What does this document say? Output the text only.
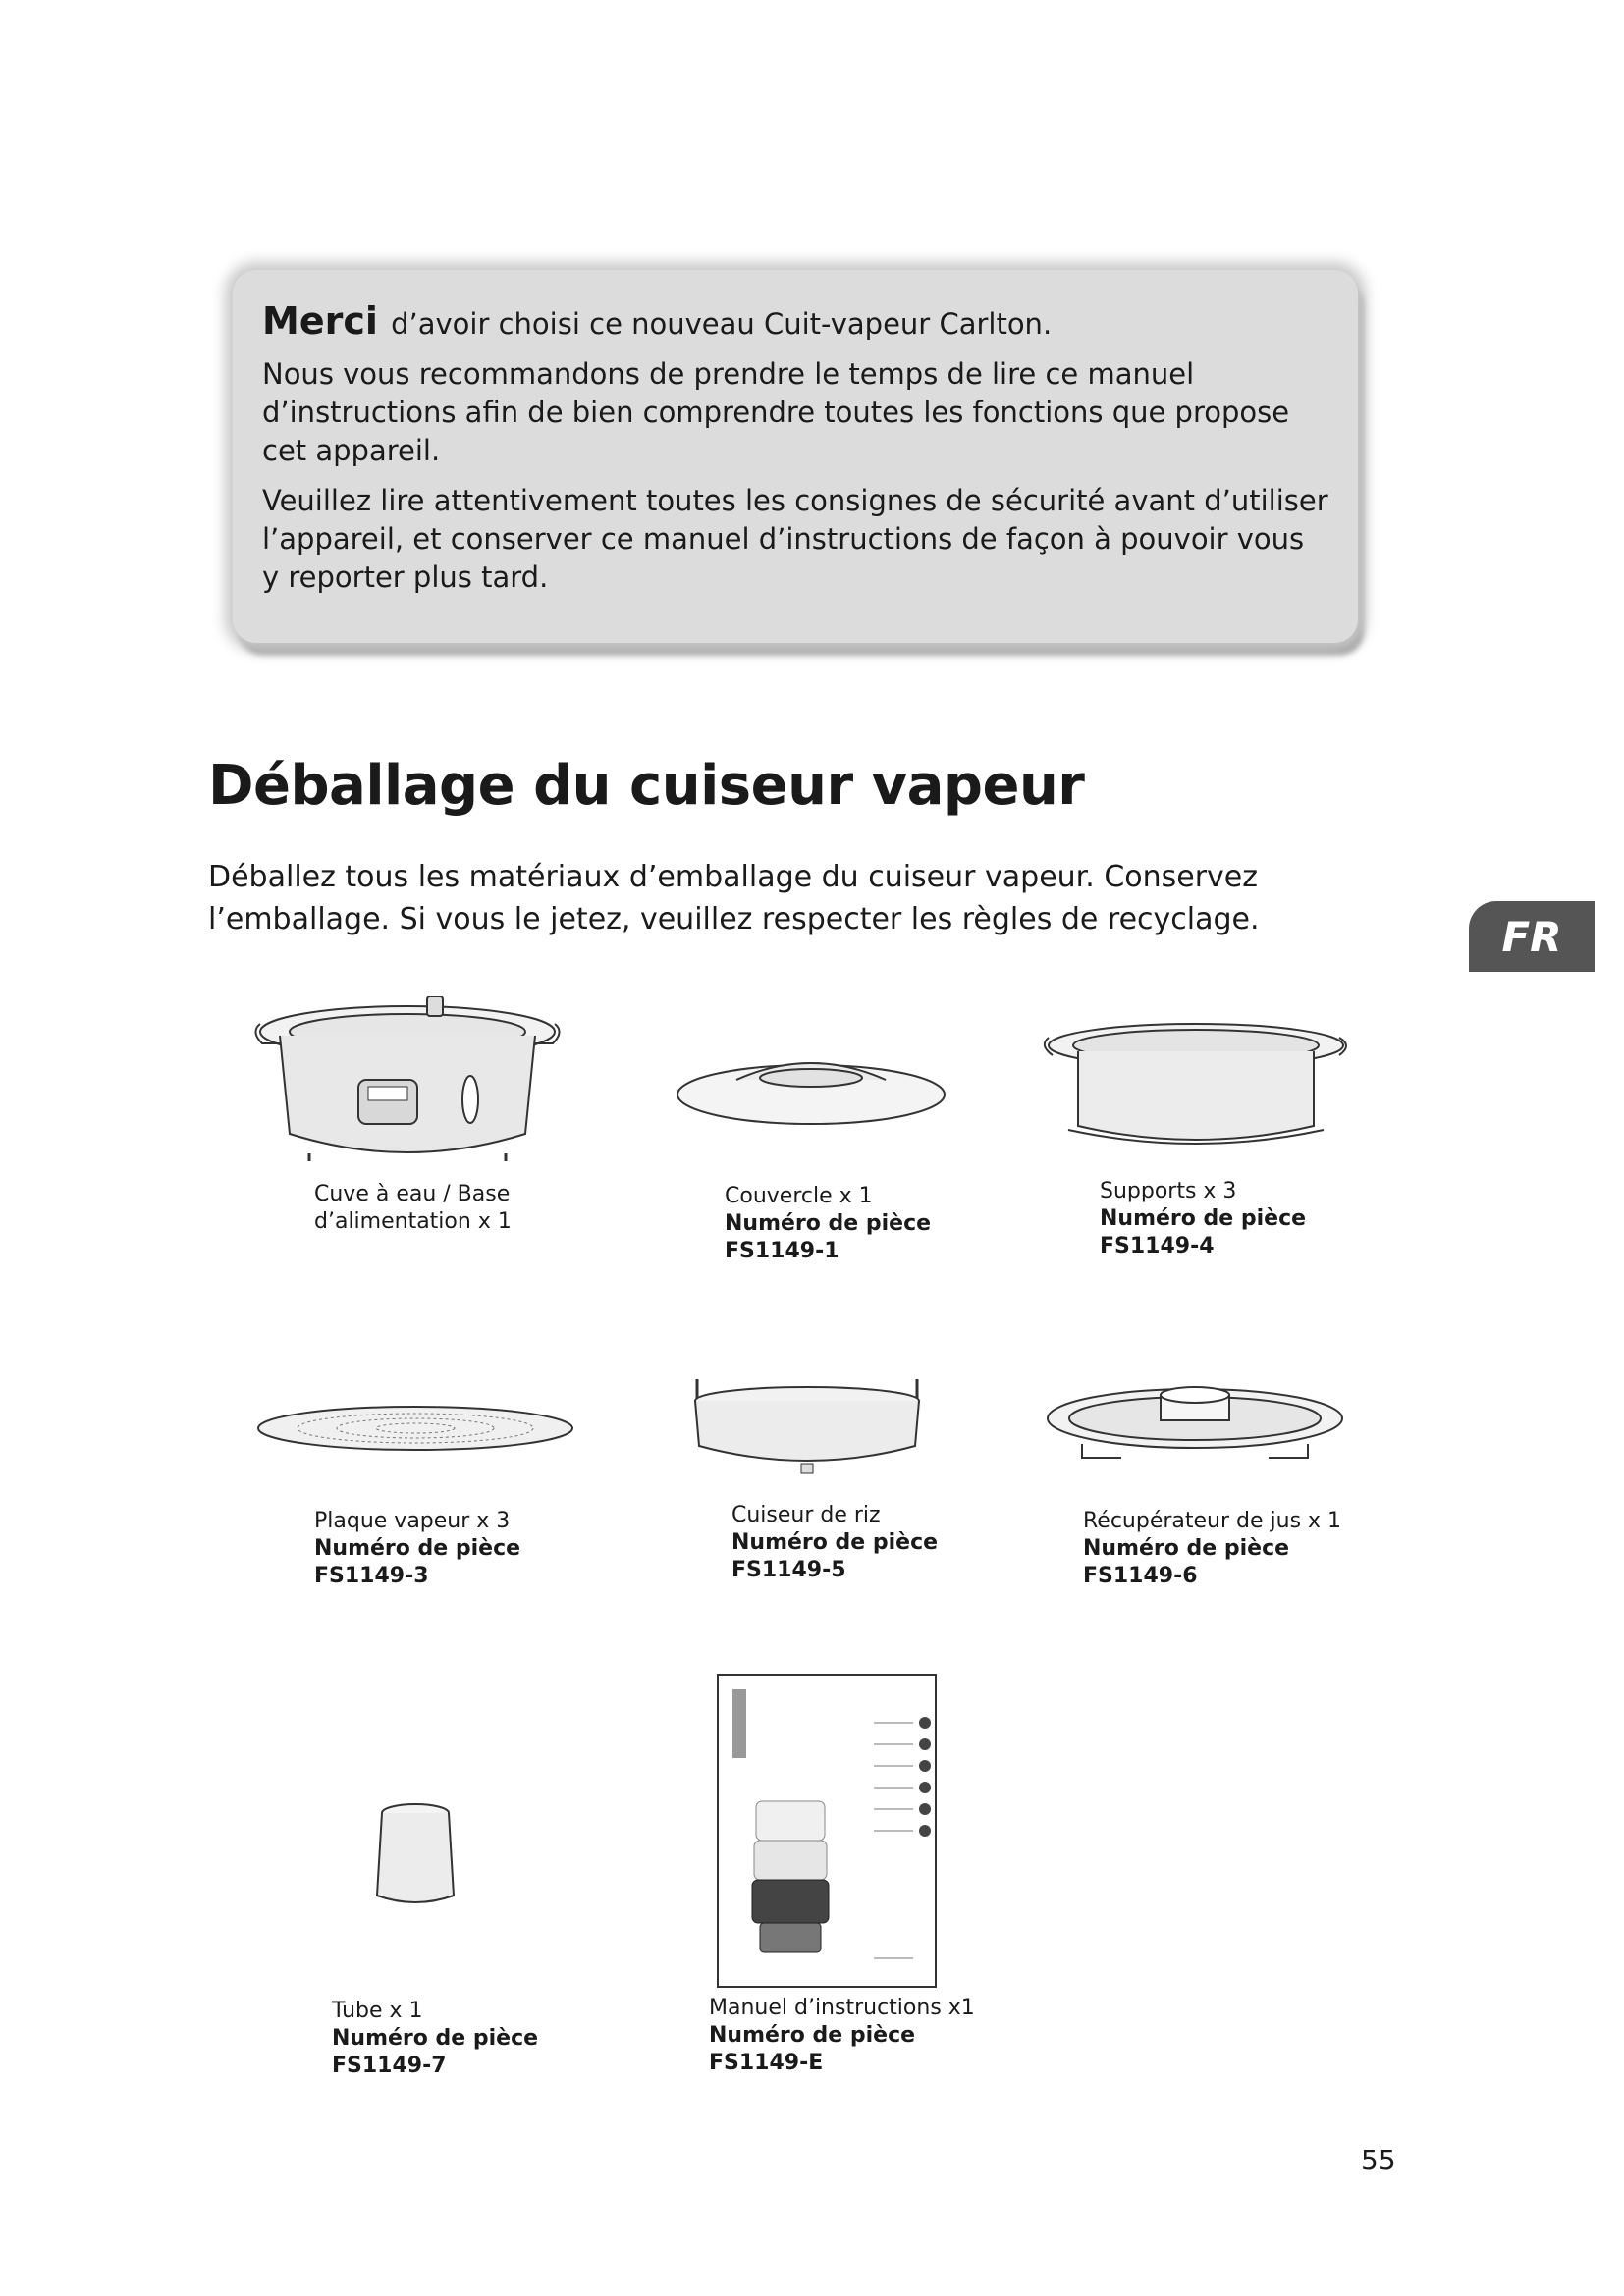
Merci d’avoir choisi ce nouveau Cuit-vapeur Carlton.

Nous vous recommandons de prendre le temps de lire ce manuel d’instructions afin de bien comprendre toutes les fonctions que propose cet appareil.

Veuillez lire attentivement toutes les consignes de sécurité avant d’utiliser l’appareil, et conserver ce manuel d’instructions de façon à pouvoir vous y reporter plus tard.

Déballage du cuiseur vapeur

Déballez tous les matériaux d’emballage du cuiseur vapeur. Conservez l’emballage. Si vous le jetez, veuillez respecter les règles de recyclage.	FR
Cuve à eau / Base
d’alimentation x 1
Couvercle x 1
Numéro de pièce
FS1149-1
Supports x 3
Numéro de pièce
FS1149-4
Plaque vapeur x 3
Numéro de pièce
FS1149-3
Cuiseur de riz
Numéro de pièce
FS1149-5
Récupérateur de jus x 1
Numéro de pièce
FS1149-6
Tube x 1
Numéro de pièce
FS1149-7
Manuel d’instructions x1
Numéro de pièce
FS1149-E
55
